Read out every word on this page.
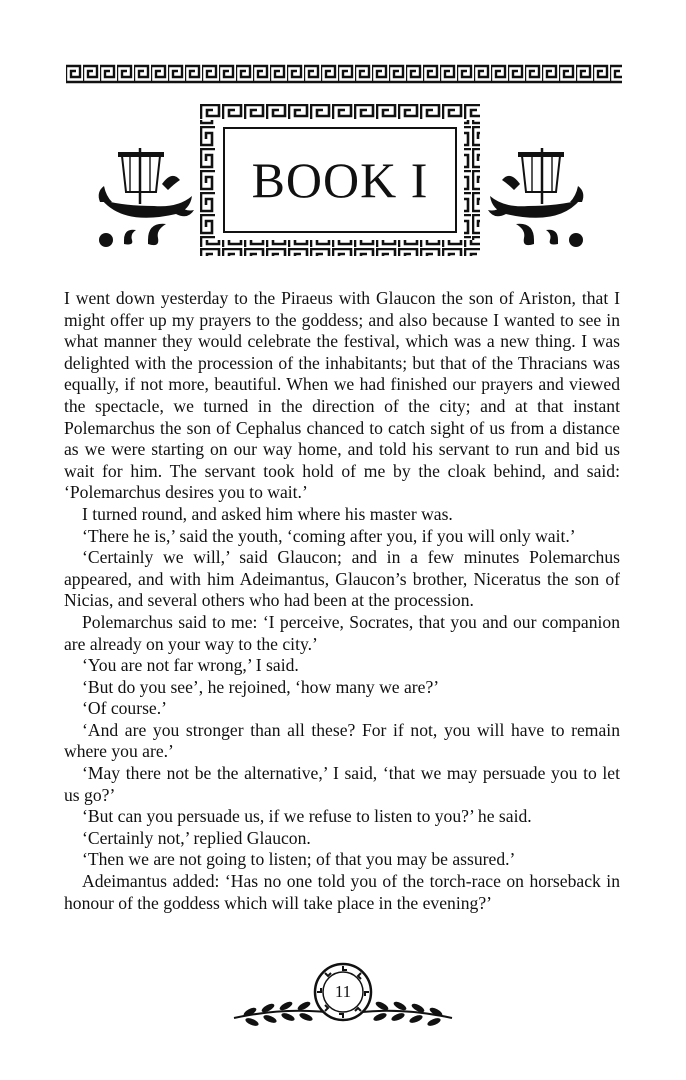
BOOK I

I went down yesterday to the Piraeus with Glaucon the son of Ariston, that I might offer up my prayers to the goddess; and also because I wanted to see in what manner they would celebrate the festival, which was a new thing. I was delighted with the procession of the inhabitants; but that of the Thracians was equally, if not more, beautiful. When we had finished our prayers and viewed the spectacle, we turned in the direction of the city; and at that instant Polemarchus the son of Cephalus chanced to catch sight of us from a distance as we were starting on our way home, and told his servant to run and bid us wait for him. The servant took hold of me by the cloak behind, and said: ‘Polemarchus desires you to wait.’

I turned round, and asked him where his master was.

‘There he is,’ said the youth, ‘coming after you, if you will only wait.’

‘Certainly we will,’ said Glaucon; and in a few minutes Polemarchus appeared, and with him Adeimantus, Glaucon’s brother, Niceratus the son of Nicias, and several others who had been at the procession.

Polemarchus said to me: ‘I perceive, Socrates, that you and our companion are already on your way to the city.’

‘You are not far wrong,’ I said.

‘But do you see’, he rejoined, ‘how many we are?’

‘Of course.’

‘And are you stronger than all these? For if not, you will have to remain where you are.’

‘May there not be the alternative,’ I said, ‘that we may persuade you to let us go?’

‘But can you persuade us, if we refuse to listen to you?’ he said.

‘Certainly not,’ replied Glaucon.

‘Then we are not going to listen; of that you may be assured.’

Adeimantus added: ‘Has no one told you of the torch-race on horseback in honour of the goddess which will take place in the evening?’

11
